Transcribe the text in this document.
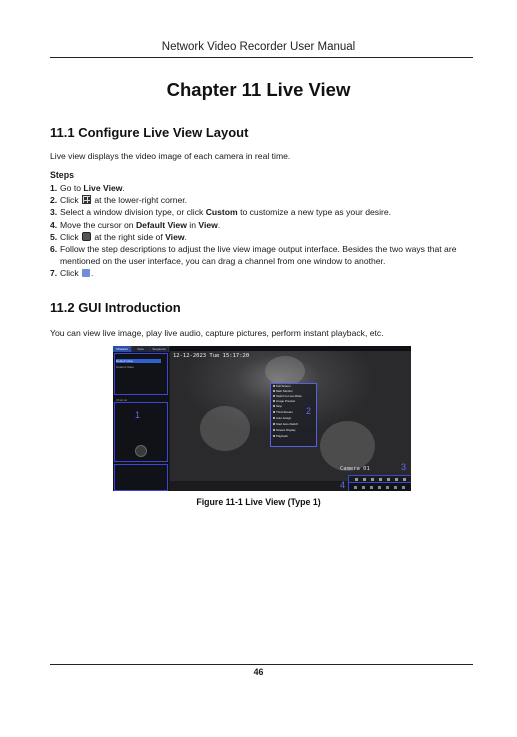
Network Video Recorder User Manual
Chapter 11 Live View
11.1 Configure Live View Layout
Live view displays the video image of each camera in real time.
Steps
1. Go to Live View.
2. Click  at the lower-right corner.
3. Select a window division type, or click Custom to customize a new type as your desire.
4. Move the cursor on Default View in View.
5. Click  at the right side of View.
6. Follow the step descriptions to adjust the live view image output interface. Besides the two ways that are mentioned on the user interface, you can drag a channel from one window to another.
7. Click .
11.2 GUI Introduction
You can view live image, play live audio, capture pictures, perform instant playback, etc.
Channel	View	Sequence
Default View
Custom View
Channel
1
12-12-2023 Tue 15:17:20
Full Screen
Main Monitor
Switch to Live Mode
Image Preview
Stop
Third-Stream
Auto Assign
Start Auto-Switch
Stream Display
Playback
2
Camera 01	3
4
Figure 11-1 Live View (Type 1)
46
